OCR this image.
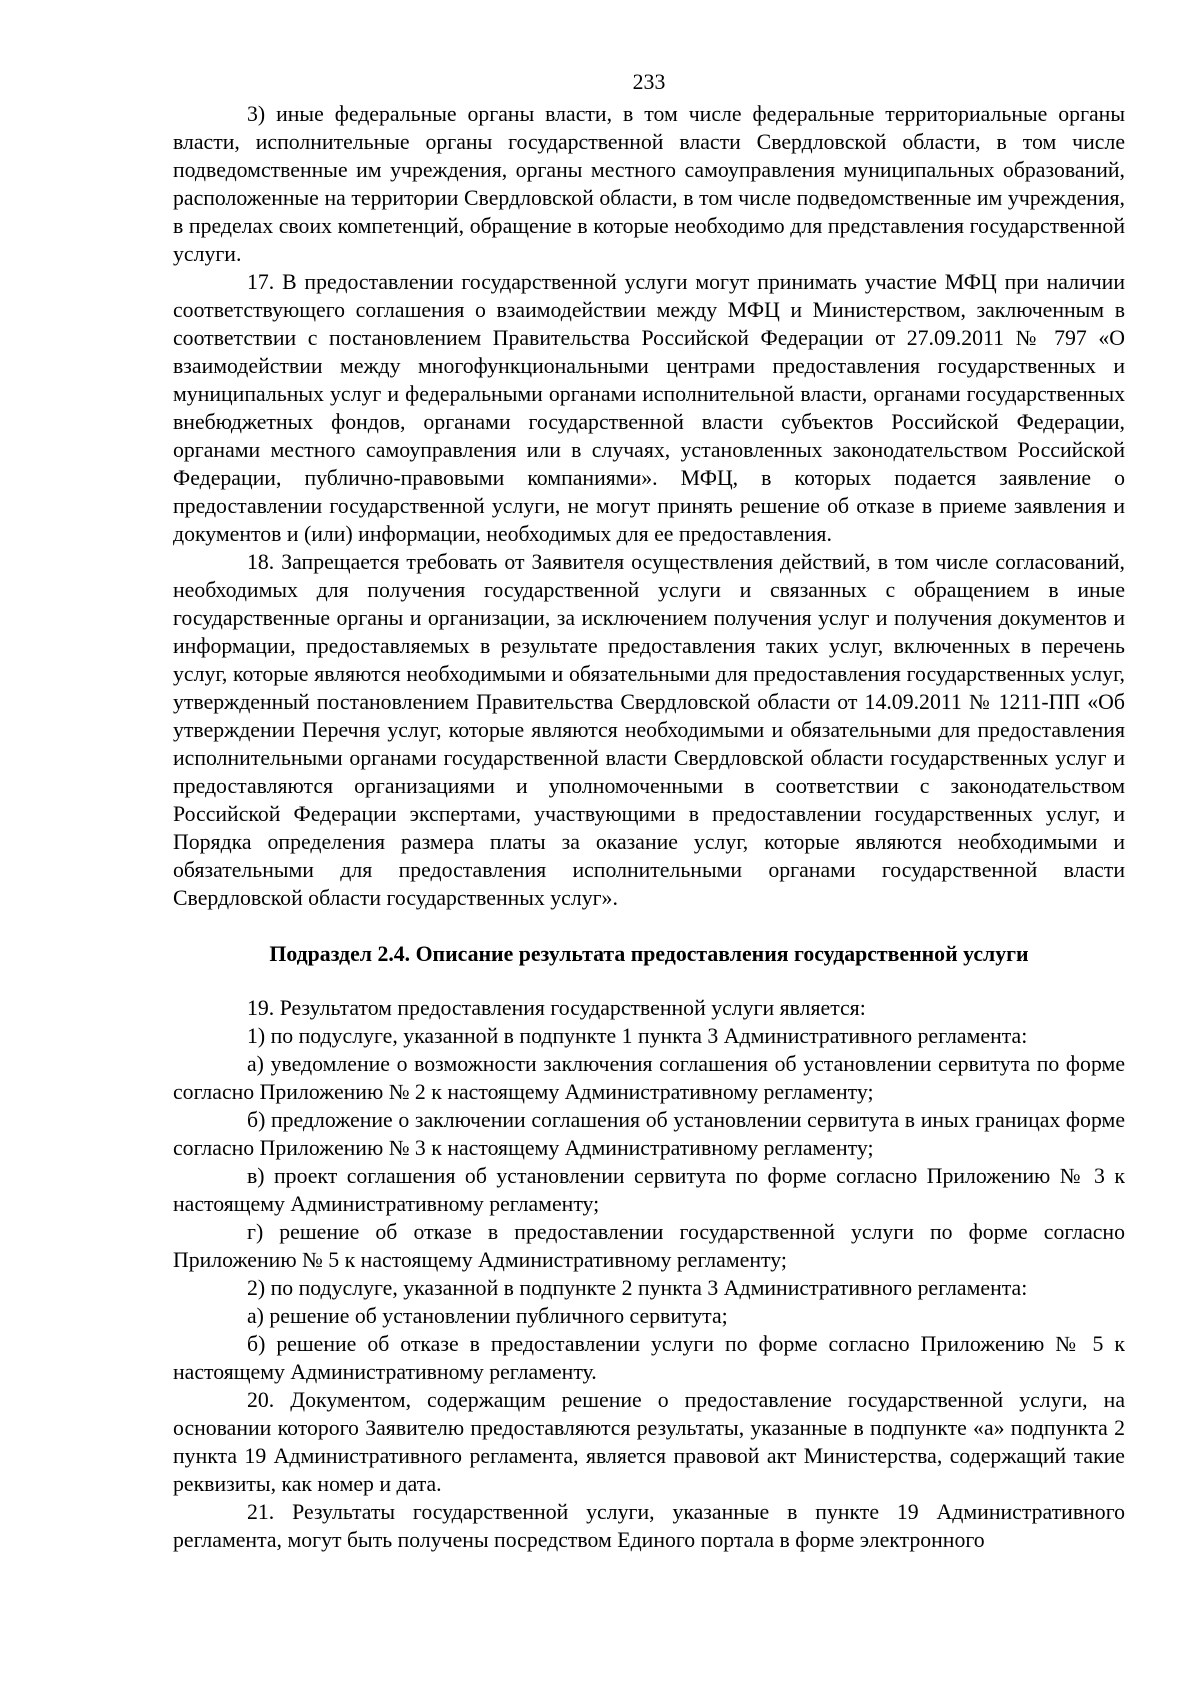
233

3) иные федеральные органы власти, в том числе федеральные территориальные органы власти, исполнительные органы государственной власти Свердловской области, в том числе подведомственные им учреждения, органы местного самоуправления муниципальных образований, расположенные на территории Свердловской области, в том числе подведомственные им учреждения, в пределах своих компетенций, обращение в которые необходимо для представления государственной услуги.

17. В предоставлении государственной услуги могут принимать участие МФЦ при наличии соответствующего соглашения о взаимодействии между МФЦ и Министерством, заключенным в соответствии с постановлением Правительства Российской Федерации от 27.09.2011 № 797 «О взаимодействии между многофункциональными центрами предоставления государственных и муниципальных услуг и федеральными органами исполнительной власти, органами государственных внебюджетных фондов, органами государственной власти субъектов Российской Федерации, органами местного самоуправления или в случаях, установленных законодательством Российской Федерации, публично-правовыми компаниями». МФЦ, в которых подается заявление о предоставлении государственной услуги, не могут принять решение об отказе в приеме заявления и документов и (или) информации, необходимых для ее предоставления.

18. Запрещается требовать от Заявителя осуществления действий, в том числе согласований, необходимых для получения государственной услуги и связанных с обращением в иные государственные органы и организации, за исключением получения услуг и получения документов и информации, предоставляемых в результате предоставления таких услуг, включенных в перечень услуг, которые являются необходимыми и обязательными для предоставления государственных услуг, утвержденный постановлением Правительства Свердловской области от 14.09.2011 № 1211-ПП «Об утверждении Перечня услуг, которые являются необходимыми и обязательными для предоставления исполнительными органами государственной власти Свердловской области государственных услуг и предоставляются организациями и уполномоченными в соответствии с законодательством Российской Федерации экспертами, участвующими в предоставлении государственных услуг, и Порядка определения размера платы за оказание услуг, которые являются необходимыми и обязательными для предоставления исполнительными органами государственной власти Свердловской области государственных услуг».

Подраздел 2.4. Описание результата предоставления государственной услуги

19. Результатом предоставления государственной услуги является:

1) по подуслуге, указанной в подпункте 1 пункта 3 Административного регламента:

а) уведомление о возможности заключения соглашения об установлении сервитута по форме согласно Приложению № 2 к настоящему Административному регламенту;

б) предложение о заключении соглашения об установлении сервитута в иных границах форме согласно Приложению № 3 к настоящему Административному регламенту;

в) проект соглашения об установлении сервитута по форме согласно Приложению № 3 к настоящему Административному регламенту;

г) решение об отказе в предоставлении государственной услуги по форме согласно Приложению № 5 к настоящему Административному регламенту;

2) по подуслуге, указанной в подпункте 2 пункта 3 Административного регламента:

а) решение об установлении публичного сервитута;

б) решение об отказе в предоставлении услуги по форме согласно Приложению № 5 к настоящему Административному регламенту.

20. Документом, содержащим решение о предоставление государственной услуги, на основании которого Заявителю предоставляются результаты, указанные в подпункте «а» подпункта 2 пункта 19 Административного регламента, является правовой акт Министерства, содержащий такие реквизиты, как номер и дата.

21. Результаты государственной услуги, указанные в пункте 19 Административного регламента, могут быть получены посредством Единого портала в форме электронного
